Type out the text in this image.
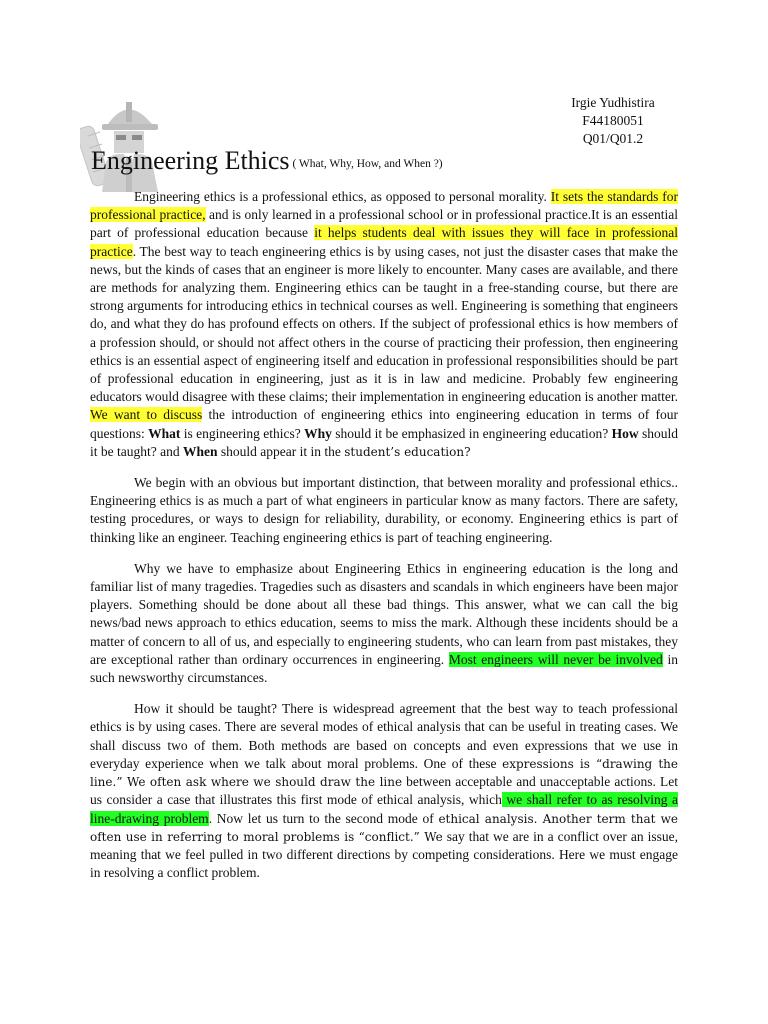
Irgie Yudhistira
F44180051
Q01/Q01.2
Engineering Ethics ( What, Why, How, and When ?)

Engineering ethics is a professional ethics, as opposed to personal morality. It sets the standards for professional practice, and is only learned in a professional school or in professional practice.It is an essential part of professional education because it helps students deal with issues they will face in professional practice. The best way to teach engineering ethics is by using cases, not just the disaster cases that make the news, but the kinds of cases that an engineer is more likely to encounter. Many cases are available, and there are methods for analyzing them. Engineering ethics can be taught in a free-standing course, but there are strong arguments for introducing ethics in technical courses as well. Engineering is something that engineers do, and what they do has profound effects on others. If the subject of professional ethics is how members of a profession should, or should not affect others in the course of practicing their profession, then engineering ethics is an essential aspect of engineering itself and education in professional responsibilities should be part of professional education in engineering, just as it is in law and medicine. Probably few engineering educators would disagree with these claims; their implementation in engineering education is another matter. We want to discuss the introduction of engineering ethics into engineering education in terms of four questions: What is engineering ethics? Why should it be emphasized in engineering education? How should it be taught? and When should appear it in the student’s education?

We begin with an obvious but important distinction, that between morality and professional ethics.. Engineering ethics is as much a part of what engineers in particular know as many factors. There are safety, testing procedures, or ways to design for reliability, durability, or economy. Engineering ethics is part of thinking like an engineer. Teaching engineering ethics is part of teaching engineering.

Why we have to emphasize about Engineering Ethics in engineering education is the long and familiar list of many tragedies. Tragedies such as disasters and scandals in which engineers have been major players. Something should be done about all these bad things. This answer, what we can call the big news/bad news approach to ethics education, seems to miss the mark. Although these incidents should be a matter of concern to all of us, and especially to engineering students, who can learn from past mistakes, they are exceptional rather than ordinary occurrences in engineering. Most engineers will never be involved in such newsworthy circumstances.

How it should be taught? There is widespread agreement that the best way to teach professional ethics is by using cases. There are several modes of ethical analysis that can be useful in treating cases. We shall discuss two of them. Both methods are based on concepts and even expressions that we use in everyday experience when we talk about moral problems. One of these expressions is “drawing the line.” We often ask where we should draw the line between acceptable and unacceptable actions. Let us consider a case that illustrates this first mode of ethical analysis, which we shall refer to as resolving a line-drawing problem. Now let us turn to the second mode of ethical analysis. Another term that we often use in referring to moral problems is “conflict.” We say that we are in a conflict over an issue, meaning that we feel pulled in two different directions by competing considerations. Here we must engage in resolving a conflict problem.
